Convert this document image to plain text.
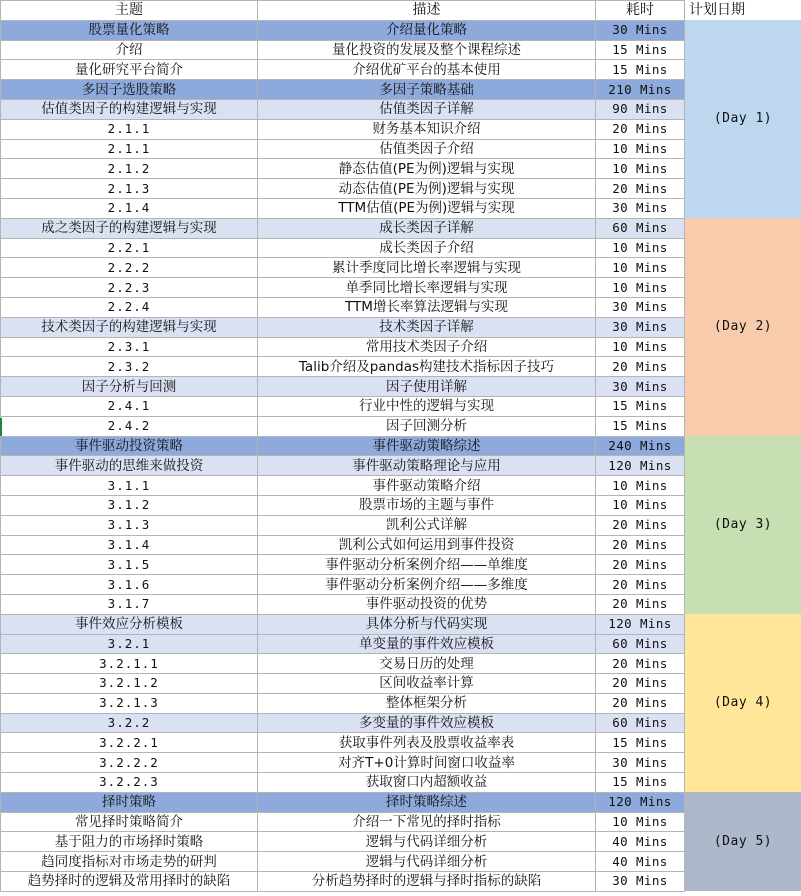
主题	描述	耗时	计划日期
股票量化策略	介绍量化策略	30 Mins	(Day 1)
介绍	量化投资的发展及整个课程综述	15 Mins	
量化研究平台简介	介绍优矿平台的基本使用	15 Mins	
多因子选股策略	多因子策略基础	210 Mins	
估值类因子的构建逻辑与实现	估值类因子详解	90 Mins	
2.1.1	财务基本知识介绍	20 Mins	
2.1.1	估值类因子介绍	10 Mins	
2.1.2	静态估值(PE为例)逻辑与实现	10 Mins	
2.1.3	动态估值(PE为例)逻辑与实现	20 Mins	
2.1.4	TTM估值(PE为例)逻辑与实现	30 Mins	
成之类因子的构建逻辑与实现	成长类因子详解	60 Mins	(Day 2)
2.2.1	成长类因子介绍	10 Mins	
2.2.2	累计季度同比增长率逻辑与实现	10 Mins	
2.2.3	单季同比增长率逻辑与实现	10 Mins	
2.2.4	TTM增长率算法逻辑与实现	30 Mins	
技术类因子的构建逻辑与实现	技术类因子详解	30 Mins	
2.3.1	常用技术类因子介绍	10 Mins	
2.3.2	Talib介绍及pandas构建技术指标因子技巧	20 Mins	
因子分析与回测	因子使用详解	30 Mins	
2.4.1	行业中性的逻辑与实现	15 Mins	
2.4.2	因子回测分析	15 Mins	
事件驱动投资策略	事件驱动策略综述	240 Mins	(Day 3)
事件驱动的思维来做投资	事件驱动策略理论与应用	120 Mins	
3.1.1	事件驱动策略介绍	10 Mins	
3.1.2	股票市场的主题与事件	10 Mins	
3.1.3	凯利公式详解	20 Mins	
3.1.4	凯利公式如何运用到事件投资	20 Mins	
3.1.5	事件驱动分析案例介绍——单维度	20 Mins	
3.1.6	事件驱动分析案例介绍——多维度	20 Mins	
3.1.7	事件驱动投资的优势	20 Mins	
事件效应分析模板	具体分析与代码实现	120 Mins	(Day 4)
3.2.1	单变量的事件效应模板	60 Mins	
3.2.1.1	交易日历的处理	20 Mins	
3.2.1.2	区间收益率计算	20 Mins	
3.2.1.3	整体框架分析	20 Mins	
3.2.2	多变量的事件效应模板	60 Mins	
3.2.2.1	获取事件列表及股票收益率表	15 Mins	
3.2.2.2	对齐T+0计算时间窗口收益率	30 Mins	
3.2.2.3	获取窗口内超额收益	15 Mins	
择时策略	择时策略综述	120 Mins	(Day 5)
常见择时策略简介	介绍一下常见的择时指标	10 Mins	
基于阻力的市场择时策略	逻辑与代码详细分析	40 Mins	
趋同度指标对市场走势的研判	逻辑与代码详细分析	40 Mins	
趋势择时的逻辑及常用择时的缺陷	分析趋势择时的逻辑与择时指标的缺陷	30 Mins	
